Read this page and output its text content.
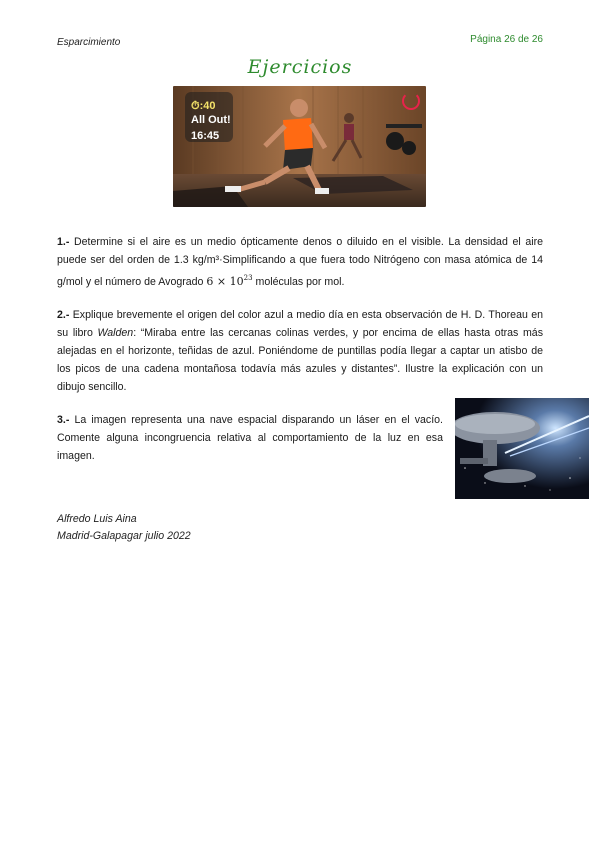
Esparcimiento	Página 26 de 26
Ejercicios
⏱:40
All Out!
16:45
1.- Determine si el aire es un medio ópticamente denos o diluido en el visible. La densidad el aire puede ser del orden de 1.3 kg/m³·Simplificando a que fuera todo Nitrógeno con masa atómica de 14 g/mol y el número de Avogrado $6 \times 10^{23}$ moléculas por mol.
2.- Explique brevemente el origen del color azul a medio día en esta observación de H. D. Thoreau en su libro Walden: “Miraba entre las cercanas colinas verdes, y por encima de ellas hasta otras más alejadas en el horizonte, teñidas de azul. Poniéndome de puntillas podía llegar a captar un atisbo de los picos de una cadena montañosa todavía más azules y distantes”. Ilustre la explicación con un dibujo sencillo.
3.- La imagen representa una nave espacial disparando un láser en el vacío. Comente alguna incongruencia relativa al comportamiento de la luz en esa imagen.
Alfredo Luis Aina
Madrid-Galapagar julio 2022
